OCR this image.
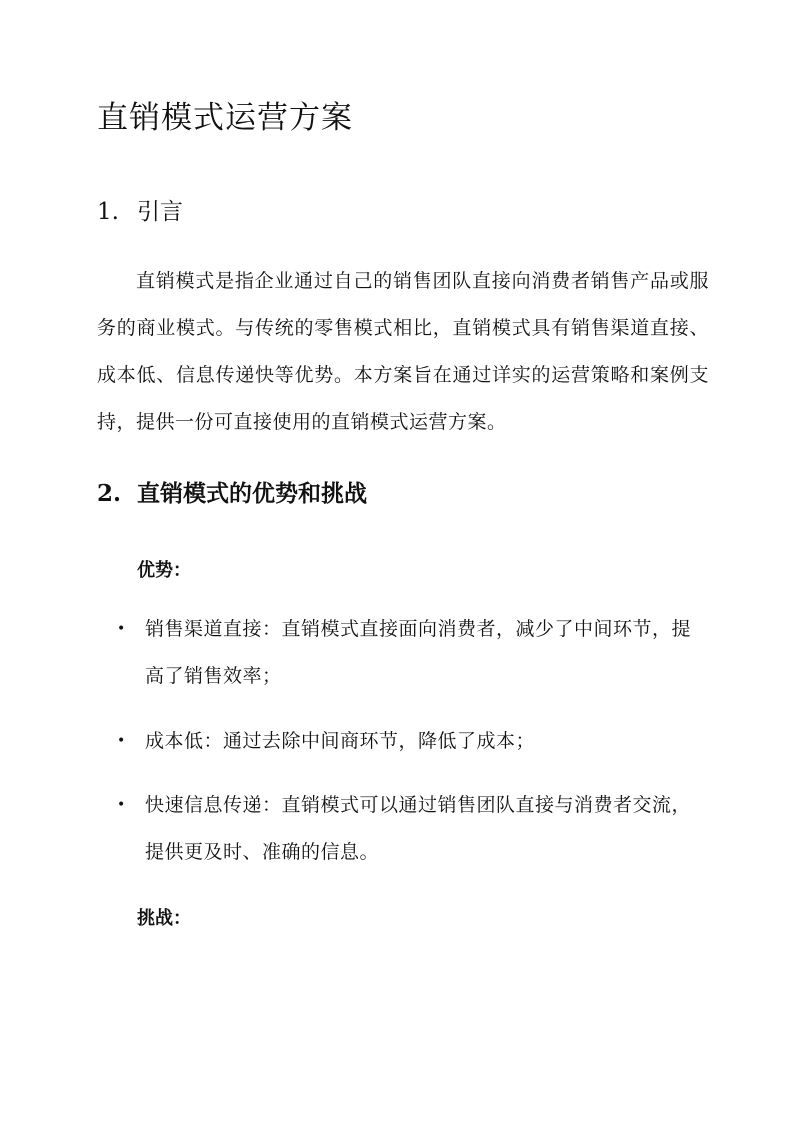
直销模式运营方案
1. 引言

直销模式是指企业通过自己的销售团队直接向消费者销售产品或服务的商业模式。与传统的零售模式相比，直销模式具有销售渠道直接、成本低、信息传递快等优势。本方案旨在通过详实的运营策略和案例支持，提供一份可直接使用的直销模式运营方案。

2. 直销模式的优势和挑战

优势：

• 销售渠道直接：直销模式直接面向消费者，减少了中间环节，提高了销售效率；
• 成本低：通过去除中间商环节，降低了成本；
• 快速信息传递：直销模式可以通过销售团队直接与消费者交流，提供更及时、准确的信息。

挑战：
